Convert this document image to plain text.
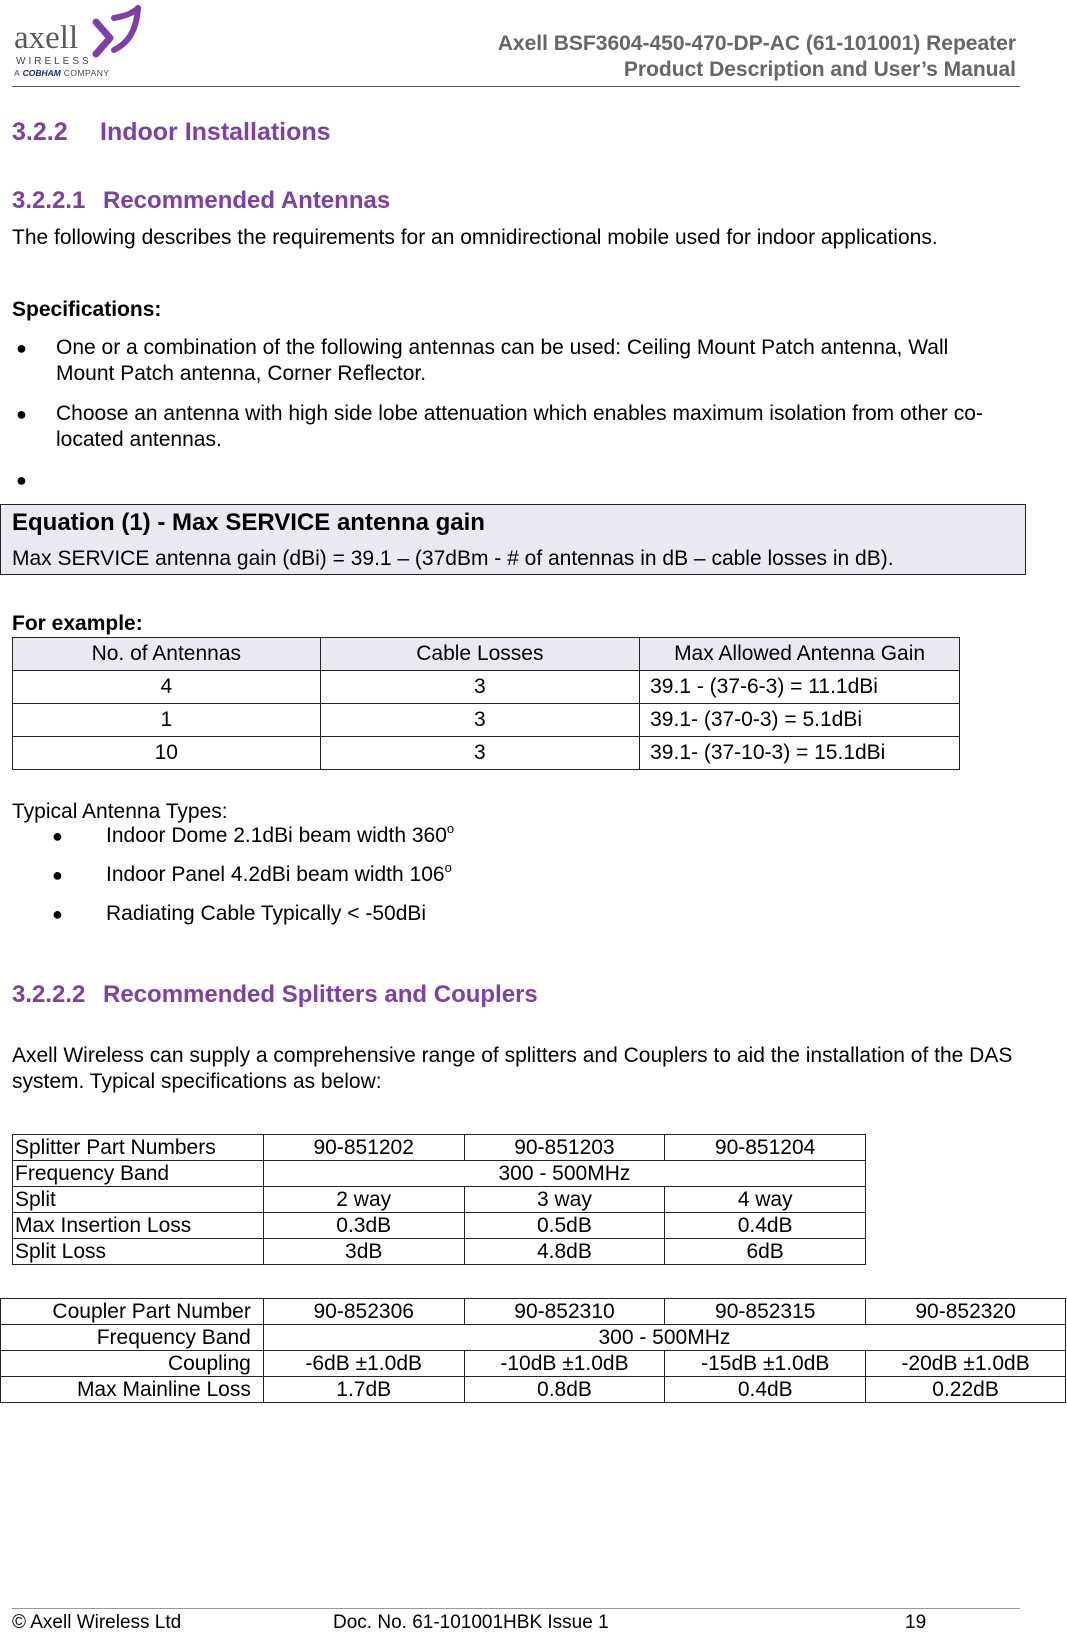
axell
WIRELESS
A COBHAM COMPANY
Axell BSF3604-450-470-DP-AC (61-101001) Repeater
Product Description and User’s Manual
3.2.2 Indoor Installations
3.2.2.1 Recommended Antennas
The following describes the requirements for an omnidirectional mobile used for indoor applications.
Specifications:
● One or a combination of the following antennas can be used: Ceiling Mount Patch antenna, Wall Mount Patch antenna, Corner Reflector.
● Choose an antenna with high side lobe attenuation which enables maximum isolation from other co-located antennas.
●
Equation (1) - Max SERVICE antenna gain
Max SERVICE antenna gain (dBi) = 39.1 – (37dBm - # of antennas in dB – cable losses in dB).
For example:
No. of Antennas	Cable Losses	Max Allowed Antenna Gain
4	3	39.1 - (37-6-3) = 11.1dBi
1	3	39.1- (37-0-3) = 5.1dBi
10	3	39.1- (37-10-3) = 15.1dBi
Typical Antenna Types:
● Indoor Dome 2.1dBi beam width 360$^o$
● Indoor Panel 4.2dBi beam width 106$^o$
● Radiating Cable Typically < -50dBi
3.2.2.2 Recommended Splitters and Couplers
Axell Wireless can supply a comprehensive range of splitters and Couplers to aid the installation of the DAS system. Typical specifications as below:
Splitter Part Numbers	90-851202	90-851203	90-851204
Frequency Band	300 - 500MHz		
Split	2 way	3 way	4 way
Max Insertion Loss	0.3dB	0.5dB	0.4dB
Split Loss	3dB	4.8dB	6dB
Coupler Part Number	90-852306	90-852310	90-852315	90-852320
Frequency Band	300 - 500MHz			
Coupling	-6dB ±1.0dB	-10dB ±1.0dB	-15dB ±1.0dB	-20dB ±1.0dB
Max Mainline Loss	1.7dB	0.8dB	0.4dB	0.22dB
© Axell Wireless Ltd	Doc. No. 61-101001HBK Issue 1	19
